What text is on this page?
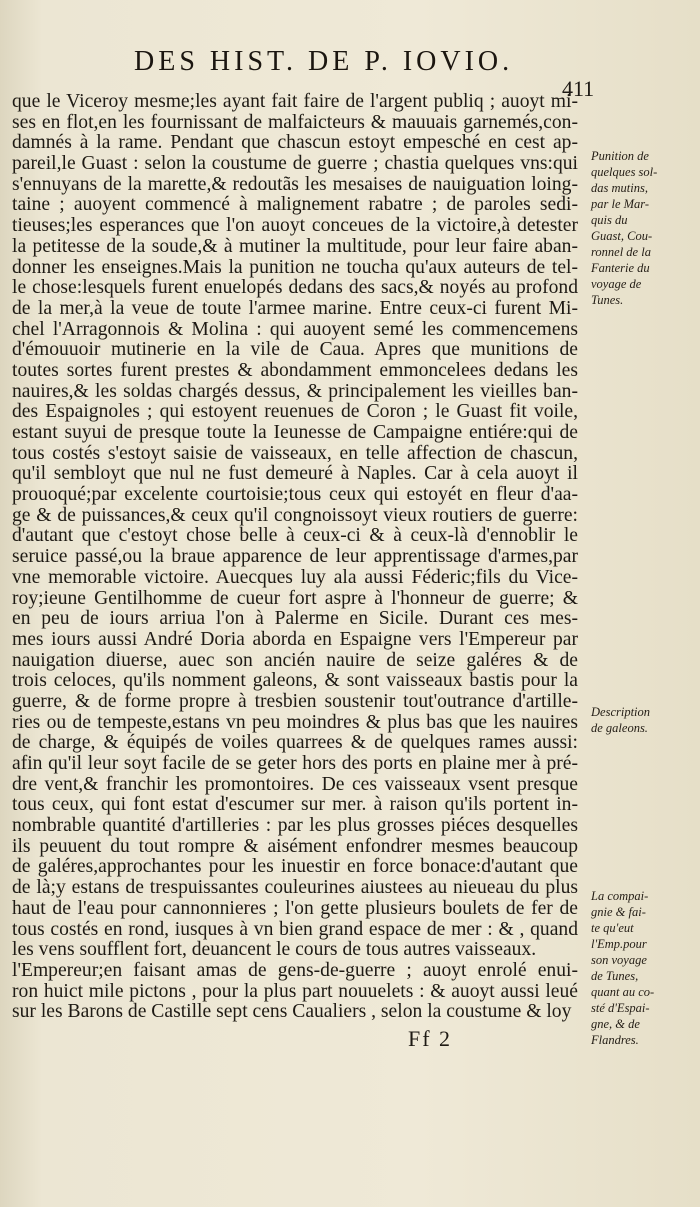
DES HIST. DE P. IOVIO.
411
que le Viceroy mesme;les ayant fait faire de l'argent publiq ; auoyt mi-
ses en flot,en les fournissant de malfaicteurs & mauuais garnemés,con-
damnés à la rame. Pendant que chascun estoyt empesché en cest ap-
pareil,le Guast : selon la coustume de guerre ; chastia quelques vns:qui
s'ennuyans de la marette,& redoutãs les mesaises de nauiguation loing-
taine ; auoyent commencé à malignement rabatre ; de paroles sedi-
tieuses;les esperances que l'on auoyt conceues de la victoire,à detester
la petitesse de la soude,& à mutiner la multitude, pour leur faire aban-
donner les enseignes.Mais la punition ne toucha qu'aux auteurs de tel-
le chose:lesquels furent enuelopés dedans des sacs,& noyés au profond
de la mer,à la veue de toute l'armee marine. Entre ceux-ci furent Mi-
chel l'Arragonnois & Molina : qui auoyent semé les commencemens
d'émouuoir mutinerie en la vile de Caua. Apres que munitions de
toutes sortes furent prestes & abondamment emmoncelees dedans les
nauires,& les soldas chargés dessus, & principalement les vieilles ban-
des Espaignoles ; qui estoyent reuenues de Coron ; le Guast fit voile,
estant suyui de presque toute la Ieunesse de Campaigne entiére:qui de
tous costés s'estoyt saisie de vaisseaux, en telle affection de chascun,
qu'il sembloyt que nul ne fust demeuré à Naples. Car à cela auoyt il
prouoqué;par excelente courtoisie;tous ceux qui estoyét en fleur d'aa-
ge & de puissances,& ceux qu'il congnoissoyt vieux routiers de guerre:
d'autant que c'estoyt chose belle à ceux-ci & à ceux-là d'ennoblir le
seruice passé,ou la braue apparence de leur apprentissage d'armes,par
vne memorable victoire. Auecques luy ala aussi Féderic;fils du Vice-
roy;ieune Gentilhomme de cueur fort aspre à l'honneur de guerre; &
en peu de iours arriua l'on à Palerme en Sicile. Durant ces mes-
mes iours aussi André Doria aborda en Espaigne vers l'Empereur par
nauigation diuerse, auec son ancién nauire de seize galéres & de
trois celoces, qu'ils nomment galeons, & sont vaisseaux bastis pour la
guerre, & de forme propre à tresbien soustenir tout'outrance d'artille-
ries ou de tempeste,estans vn peu moindres & plus bas que les nauires
de charge, & équipés de voiles quarrees & de quelques rames aussi:
afin qu'il leur soyt facile de se geter hors des ports en plaine mer à pré-
dre vent,& franchir les promontoires. De ces vaisseaux vsent presque
tous ceux, qui font estat d'escumer sur mer. à raison qu'ils portent in-
nombrable quantité d'artilleries : par les plus grosses piéces desquelles
ils peuuent du tout rompre & aisément enfondrer mesmes beaucoup
de galéres,approchantes pour les inuestir en force bonace:d'autant que
de là;y estans de trespuissantes couleurines aiustees au nieueau du plus
haut de l'eau pour cannonnieres ; l'on gette plusieurs boulets de fer de
tous costés en rond, iusques à vn bien grand espace de mer : & , quand
les vens soufflent fort, deuancent le cours de tous autres vaisseaux.
l'Empereur;en faisant amas de gens-de-guerre ; auoyt enrolé enui-
ron huict mile pictons , pour la plus part nouuelets : & auoyt aussi leué
sur les Barons de Castille sept cens Caualiers , selon la coustume & loy
Punition de
quelques sol-
das mutins,
par le Mar-
quis du
Guast, Cou-
ronnel de la
Fanterie du
voyage de
Tunes.
Description
de galeons.
La compai-
gnie & fai-
te qu'eut
l'Emp.pour
son voyage
de Tunes,
quant au co-
sté d'Espai-
gne, & de
Flandres.
Ff 2
